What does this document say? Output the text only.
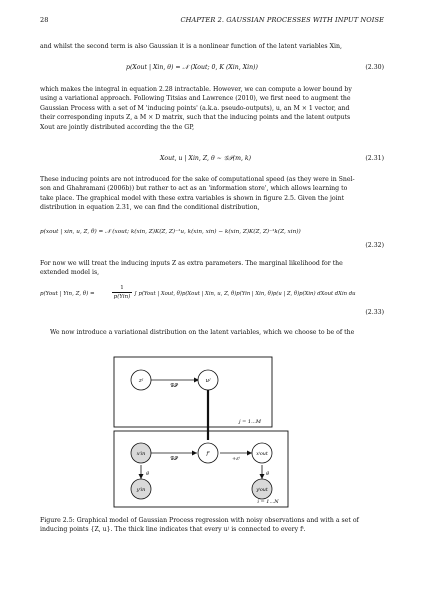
28	CHAPTER 2. GAUSSIAN PROCESSES WITH INPUT NOISE
and whilst the second term is also Gaussian it is a nonlinear function of the latent variables Xin,
p(Xout | Xin, θ) = 𝒩 (Xout; 0, K (Xin, Xin))	(2.30)
which makes the integral in equation 2.28 intractable. However, we can compute a lower bound by
using a variational approach. Following Titsias and Lawrence (2010), we first need to augment the
Gaussian Process with a set of M 'inducing points' (a.k.a. pseudo-outputs), u, an M × 1 vector, and
their corresponding inputs Z, a M × D matrix, such that the inducing points and the latent outputs
Xout are jointly distributed according the the GP,
Xout, u | Xin, Z, θ ∼ 𝒢𝒫(m, k)	(2.31)
These inducing points are not introduced for the sake of computational speed (as they were in Snel-
son and Ghahramani (2006b)) but rather to act as an 'information store', which allows learning to
take place. The graphical model with these extra variables is shown in figure 2.5. Given the joint
distribution in equation 2.31, we can find the conditional distribution,
p(xout | xin, u, Z, θ) = 𝒩 (xout; k(xin, Z)K(Z, Z)⁻¹u, k(xin, xin) − k(xin, Z)K(Z, Z)⁻¹k(Z, xin))
(2.32)
For now we will treat the inducing inputs Z as extra parameters. The marginal likelihood for the
extended model is,
p(Yout | Yin, Z, θ) =
1
p(Yin) ∫ p(Yout | Xout, θ)p(Xout | Xin, u, Z, θ)p(Yin | Xin, θ)p(u | Z, θ)p(Xin) dXout dXin du
(2.33)
We now introduce a variational distribution on the latent variables, which we choose to be of the
zʲ	uʲ
xⁱin	fⁱ	xⁱout
yⁱin	yⁱout
𝒢𝒫
𝒢𝒫	+εⁱ
g	g
j = 1...M
i = 1...N
Figure 2.5: Graphical model of Gaussian Process regression with noisy observations and with a set of
inducing points {Z, u}. The thick line indicates that every uʲ is connected to every fⁱ.
